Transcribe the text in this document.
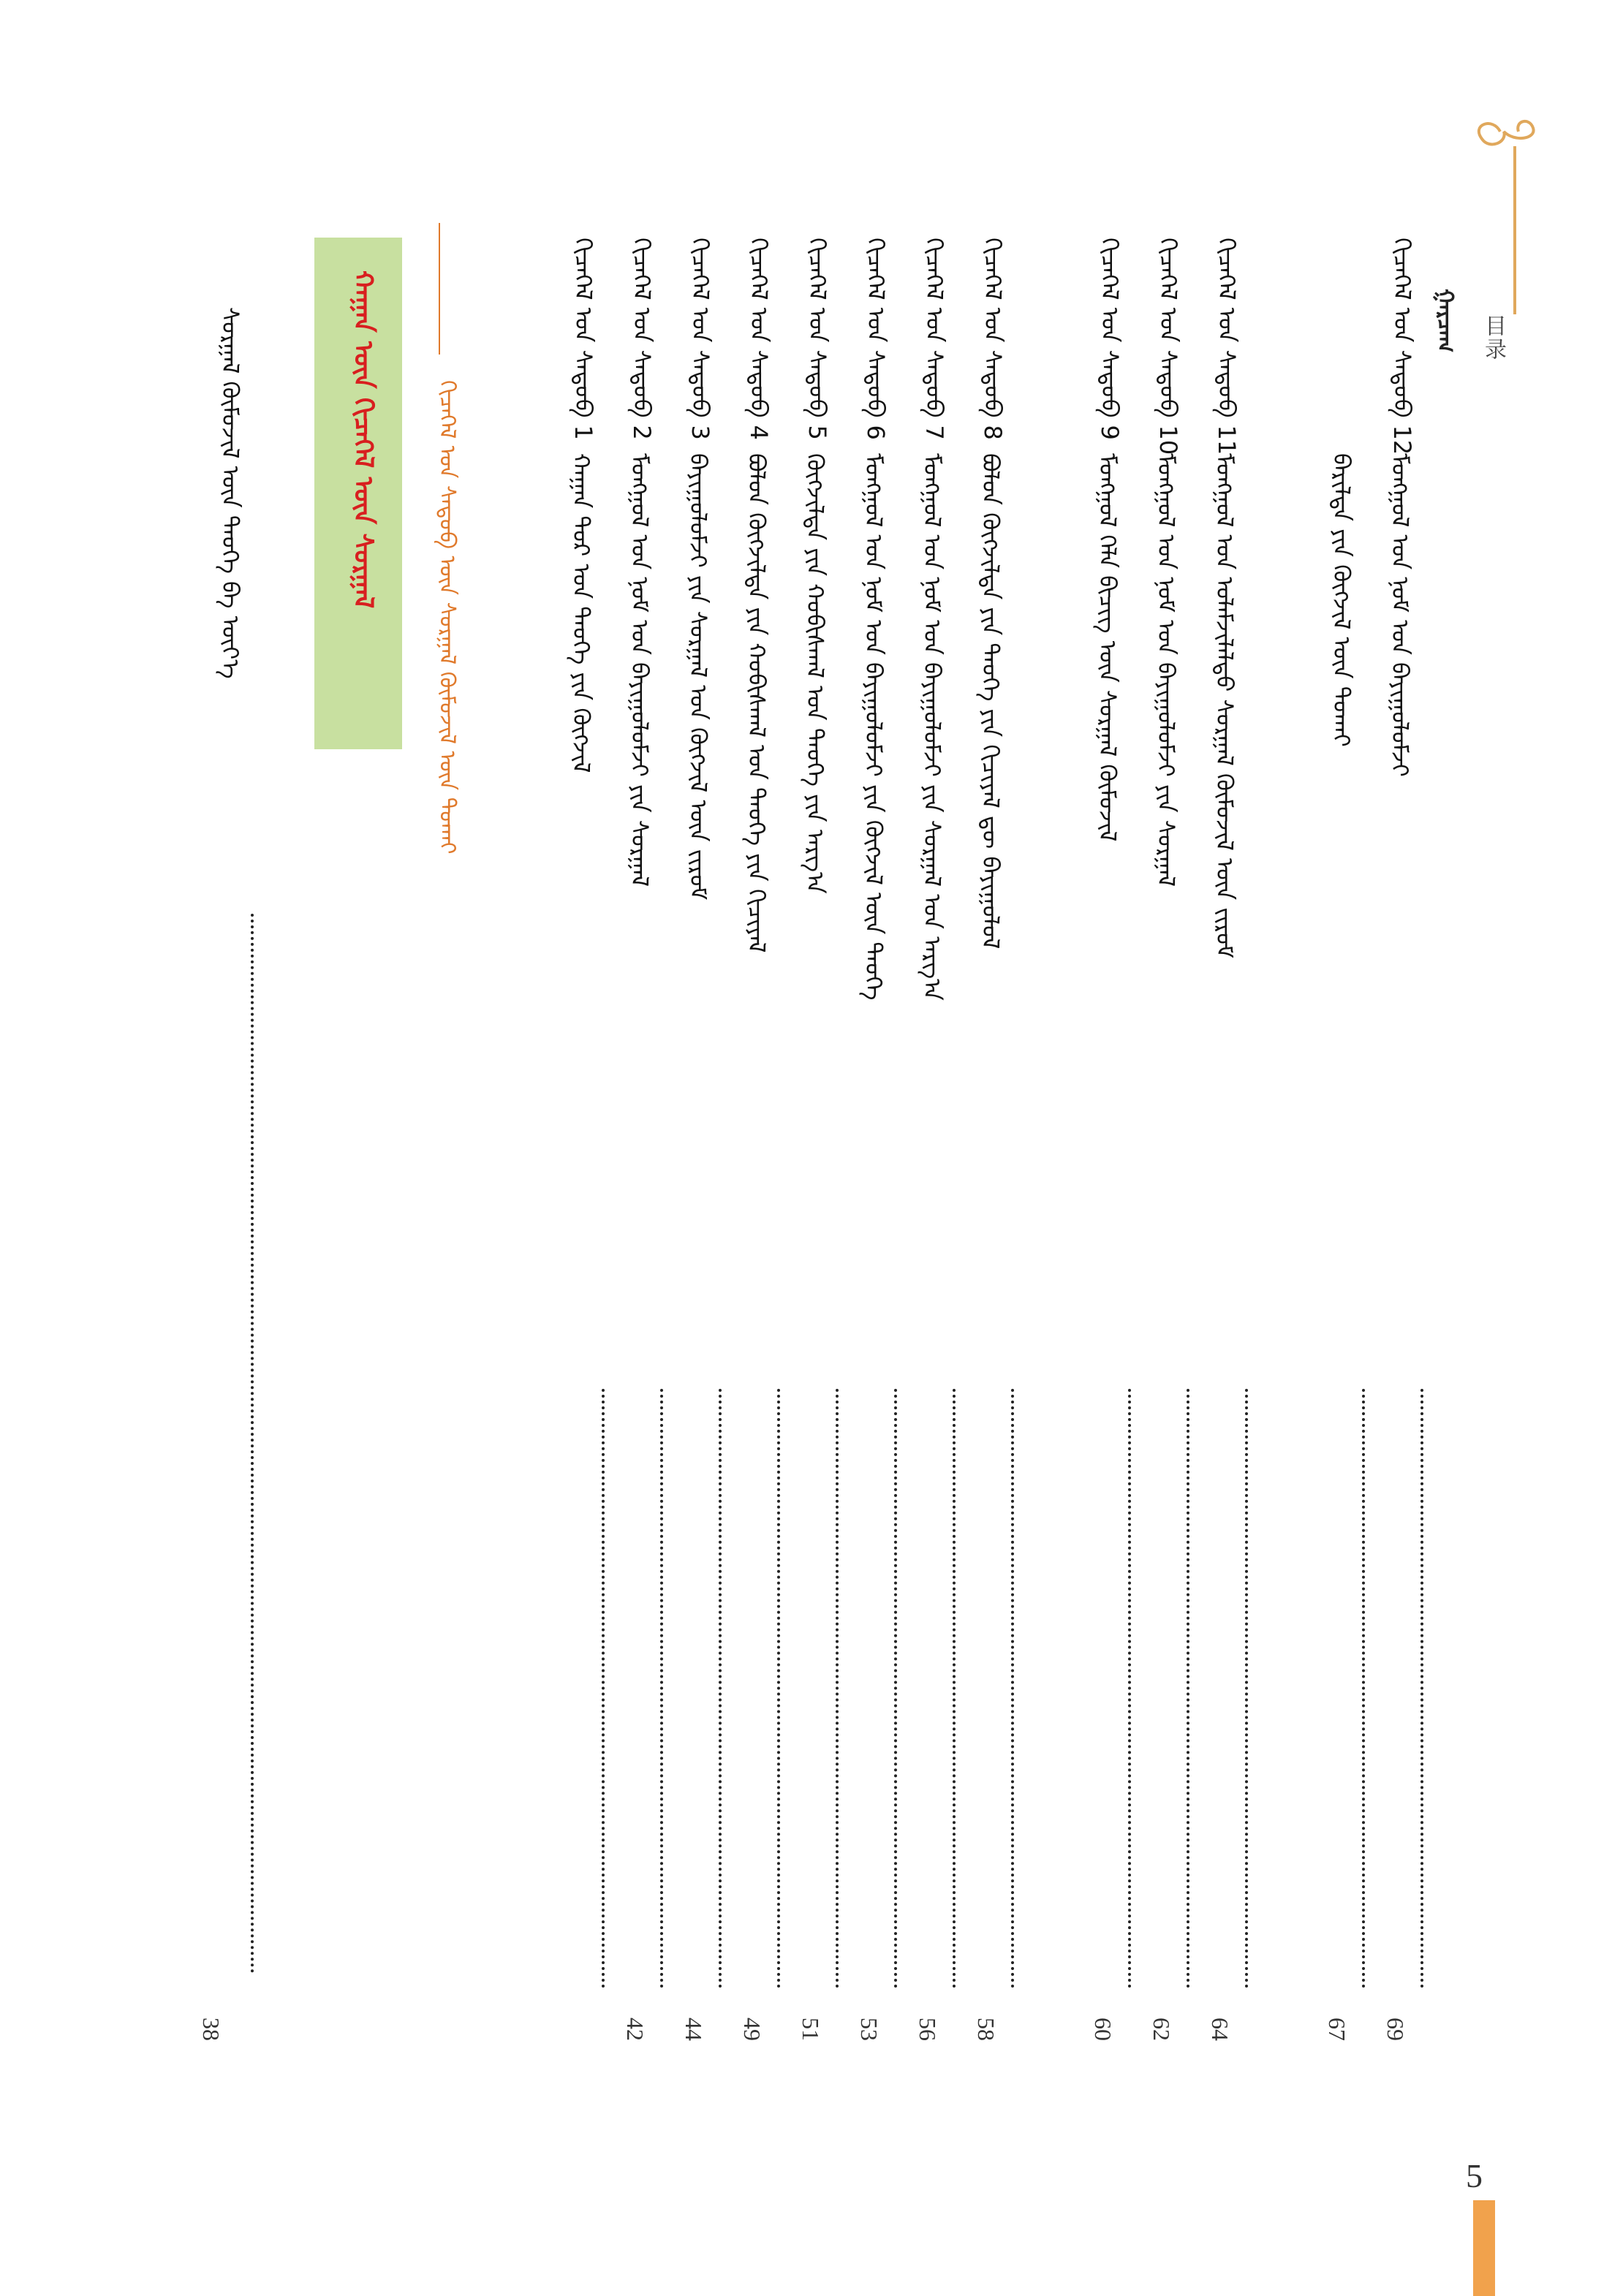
目录
ᠭᠠᠷᠴᠠᠭ
ᠬᠢᠴᠡᠭᠡᠯ ᠤᠨ ᠰᠡᠳᠦᠪ 12
ᠮᠣᠩᠭᠣᠯ ᠤᠨ ᠨᠣᠮ ᠤᠨ ᠪᠠᠶᠢᠭᠤᠯᠤᠮᠵᠢ
69
ᠪᠠᠷᠢᠯᠳᠠ ᠶᠢᠨ ᠬᠥᠭᠵᠢᠯ ᠦᠨ ᠲᠤᠬᠠᠢ
67
ᠬᠢᠴᠡᠭᠡᠯ ᠤᠨ ᠰᠡᠳᠦᠪ 11
ᠮᠣᠩᠭᠣᠯ ᠤᠨ ᠤᠯᠠᠮᠵᠢᠯᠠᠯᠲᠤ ᠰᠤᠷᠭᠠᠯ ᠬᠦᠮᠦᠵᠢᠯ ᠦᠨ ᠵᠢᠷᠤᠮ
64
ᠬᠢᠴᠡᠭᠡᠯ ᠤᠨ ᠰᠡᠳᠦᠪ 10
ᠮᠣᠩᠭᠣᠯ ᠤᠨ ᠨᠣᠮ ᠤᠨ ᠪᠠᠶᠢᠭᠤᠯᠤᠮᠵᠢ ᠶᠢᠨ ᠰᠤᠷᠭᠠᠯ
62
ᠬᠢᠴᠡᠭᠡᠯ ᠤᠨ ᠰᠡᠳᠦᠪ 9
ᠮᠣᠩᠭᠣᠯ ᠬᠡᠯᠡ ᠪᠢᠴᠢᠭ ᠦᠨ ᠰᠤᠷᠭᠠᠯ ᠬᠦᠮᠦᠵᠢᠯ
60
ᠬᠢᠴᠡᠭᠡᠯ ᠤᠨ ᠰᠡᠳᠦᠪ 8
ᠪᠣᠯᠤᠨ ᠬᠥᠭᠵᠢᠯᠲᠡ ᠶᠢᠨ ᠲᠡᠦᠬᠡ ᠶᠢᠨ ᠬᠢᠴᠢᠶᠡᠯ ᠳᠦ ᠪᠠᠶᠢᠭᠤᠯᠤᠯ
58
ᠬᠢᠴᠡᠭᠡᠯ ᠤᠨ ᠰᠡᠳᠦᠪ 7
ᠮᠣᠩᠭᠣᠯ ᠤᠨ ᠨᠣᠮ ᠤᠨ ᠪᠠᠶᠢᠭᠤᠯᠤᠮᠵᠢ ᠶᠢᠨ ᠰᠤᠷᠭᠠᠯ ᠤᠨ ᠠᠷᠭ᠎ᠠ
56
ᠬᠢᠴᠡᠭᠡᠯ ᠤᠨ ᠰᠡᠳᠦᠪ 6
ᠮᠣᠩᠭᠣᠯ ᠤᠨ ᠨᠣᠮ ᠤᠨ ᠪᠠᠶᠢᠭᠤᠯᠤᠮᠵᠢ ᠶᠢᠨ ᠬᠥᠭᠵᠢᠯ ᠦᠨ ᠲᠡᠦᠬᠡ
53
ᠬᠢᠴᠡᠭᠡᠯ ᠤᠨ ᠰᠡᠳᠦᠪ 5
ᠬᠥᠭᠵᠢᠯᠲᠡ ᠶᠢᠨ ᠬᠤᠪᠢᠰᠬᠠᠯ ᠤᠨ ᠲᠡᠦᠬᠡ ᠶᠢᠨ ᠠᠷᠭ᠎ᠠ
51
ᠬᠢᠴᠡᠭᠡᠯ ᠤᠨ ᠰᠡᠳᠦᠪ 4
ᠪᠣᠯᠤᠨ ᠬᠥᠭᠵᠢᠯᠲᠡ ᠶᠢᠨ ᠬᠤᠪᠢᠰᠬᠠᠯ ᠤᠨ ᠲᠡᠦᠬᠡ ᠶᠢᠨ ᠬᠢᠴᠢᠶᠡᠯ
49
ᠬᠢᠴᠡᠭᠡᠯ ᠤᠨ ᠰᠡᠳᠦᠪ 3
ᠪᠠᠶᠢᠭᠤᠯᠤᠮᠵᠢ ᠶᠢᠨ ᠰᠤᠷᠭᠠᠯ ᠤᠨ ᠬᠥᠭᠵᠢᠯ ᠦᠨ ᠵᠢᠷᠤᠮ
44
ᠬᠢᠴᠡᠭᠡᠯ ᠤᠨ ᠰᠡᠳᠦᠪ 2
ᠮᠣᠩᠭᠣᠯ ᠤᠨ ᠨᠣᠮ ᠤᠨ ᠪᠠᠶᠢᠭᠤᠯᠤᠮᠵᠢ ᠶᠢᠨ ᠰᠤᠷᠭᠠᠯ
42
ᠬᠢᠴᠡᠭᠡᠯ ᠤᠨ ᠰᠡᠳᠦᠪ 1
ᠬᠠᠭᠠᠨ ᠲᠣᠷ ᠤᠨ ᠲᠡᠦᠬᠡ ᠶᠢᠨ ᠬᠥᠭᠵᠢᠯ
ᠬᠢᠴᠡᠭᠡᠯ ᠤᠨ ᠰᠡᠳᠦᠪ ᠦᠨ ᠰᠤᠷᠭᠠᠯ ᠬᠦᠮᠦᠵᠢᠯ ᠦᠨ ᠲᠤᠬᠠᠢ
ᠬᠠᠭᠠᠨ ᠦᠨ ᠬᠢᠴᠡᠭᠡᠯ ᠦᠨ ᠰᠤᠷᠭᠠᠯ
ᠰᠤᠷᠭᠠᠯ ᠬᠦᠮᠦᠵᠢᠯ ᠦᠨ ᠲᠡᠦᠬᠡ ᠪᠠ ᠦᠶ᠎ᠡ
38
5
